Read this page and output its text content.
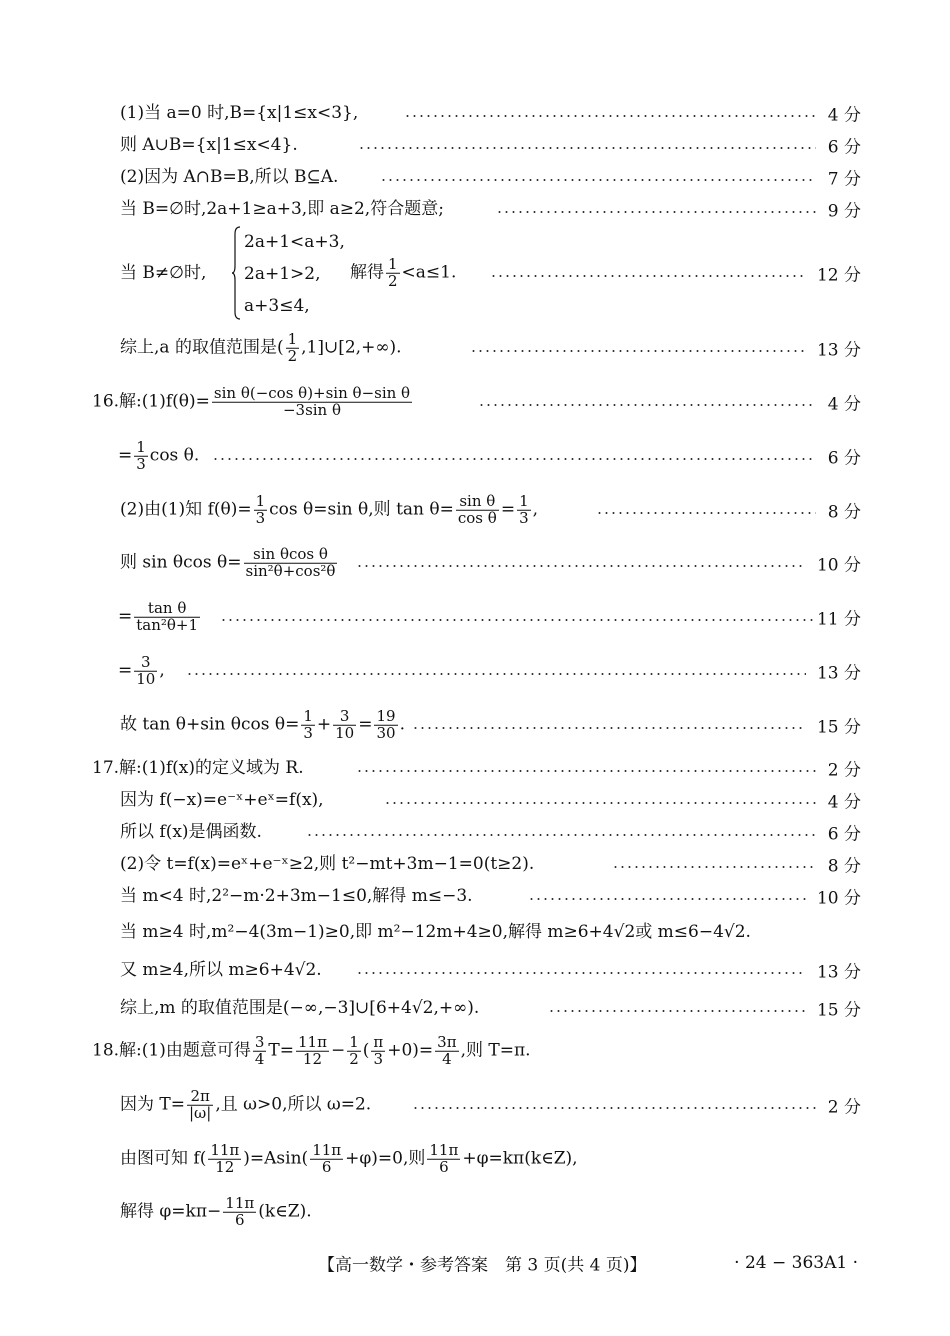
(1)当 a=0 时,B={x|1≤x<3},	4 分
则 A∪B={x|1≤x<4}.	6 分
(2)因为 A∩B=B,所以 B⊆A.	7 分
当 B=∅时,2a+1≥a+3,即 a≥2,符合题意;	9 分
当 B≠∅时,	解得 $\frac{1}{2} <a\le 1$.	12 分
2a+1<a+3,
2a+1>2,
a+3≤4,
综上,a 的取值范围是( $\frac{1}{2}$ ,1]∪[2,+∞).	13 分
16.解:(1)f(θ)= $\frac{\text{sin θ(−cos θ)+sin θ−sin θ}}{\text{−3sin θ}}$	4 分
= $\frac{1}{3}$ cos θ.	6 分
(2)由(1)知 $f(\theta)= \frac{1}{3}$ cos θ=sin θ,则 $\tan \theta= \frac{\text{sin θ}}{\text{cos θ}} = \frac{1}{3}$ ,	8 分
则 sin θcos $\theta= \frac{\text{sin θcos θ}}{\text{sin²θ+cos²θ}}$	10 分
= $\frac{\text{tan θ}}{\text{tan²θ+1}}$	11 分
= $\frac{3}{10}$ ,	13 分
故 tan θ+sin θcos $\theta= \frac{1}{3} + \frac{3}{10} = \frac{19}{30}$ .	15 分
17.解:(1)f(x)的定义域为 R.	2 分
因为 f(−x)=e⁻ˣ+eˣ=f(x),	4 分
所以 f(x)是偶函数.	6 分
(2)令 t=f(x)=eˣ+e⁻ˣ≥2,则 t²−mt+3m−1=0(t≥2).	8 分
当 m<4 时,2²−m·2+3m−1≤0,解得 m≤−3.	10 分
当 m≥4 时,m²−4(3m−1)≥0,即 m²−12m+4≥0,解得 m≥6+4√2或 m≤6−4√2.
又 m≥4,所以 m≥6+4√2.	13 分
综上,m 的取值范围是(−∞,−3]∪[6+4√2,+∞).	15 分
18.解:(1)由题意可得 $\frac{3}{4} T= \frac{11\pi}{12} - \frac{1}{2}$ ( $\frac{\pi}{3} +0)= \frac{3\pi}{4}$ ,则 T=π.
因为 $T= \frac{2\pi}{|\omega|}$ ,且 ω>0,所以 ω=2.	2 分
由图可知 $f( \frac{11\pi}{12} )=Asin( \frac{11\pi}{6} +\varphi)=0$,则 $\frac{11\pi}{6}$ +φ=kπ(k∈Z),
解得 $\varphi=k\pi- \frac{11\pi}{6}$ (k∈Z).
【高一数学・参考答案　第 3 页(共 4 页)】	· 24 − 363A1 ·
